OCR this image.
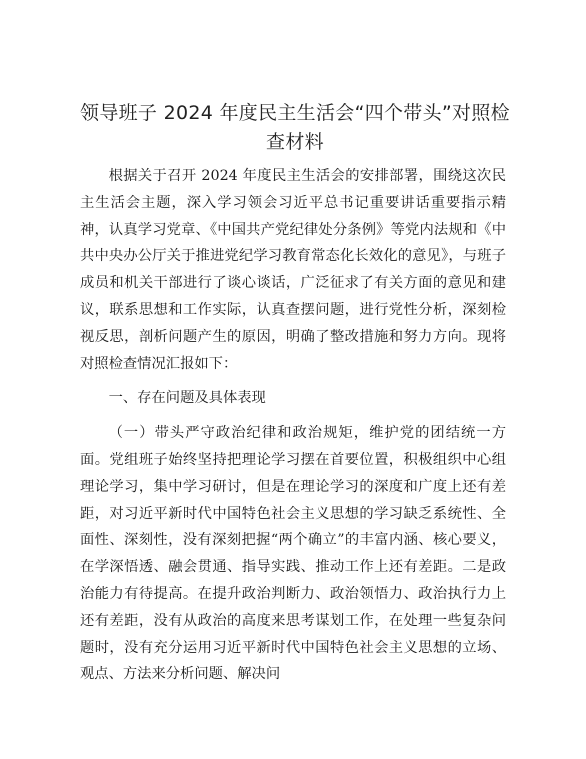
领导班子 2024 年度民主生活会“四个带头”对照检查材料

根据关于召开 2024 年度民主生活会的安排部署，围绕这次民主生活会主题，深入学习领会习近平总书记重要讲话重要指示精神，认真学习党章、《中国共产党纪律处分条例》等党内法规和《中共中央办公厅关于推进党纪学习教育常态化长效化的意见》，与班子成员和机关干部进行了谈心谈话，广泛征求了有关方面的意见和建议，联系思想和工作实际，认真查摆问题，进行党性分析，深刻检视反思，剖析问题产生的原因，明确了整改措施和努力方向。现将对照检查情况汇报如下：

一、存在问题及具体表现

（一）带头严守政治纪律和政治规矩，维护党的团结统一方面。党组班子始终坚持把理论学习摆在首要位置，积极组织中心组理论学习，集中学习研讨，但是在理论学习的深度和广度上还有差距，对习近平新时代中国特色社会主义思想的学习缺乏系统性、全面性、深刻性，没有深刻把握“两个确立”的丰富内涵、核心要义，在学深悟透、融会贯通、指导实践、推动工作上还有差距。二是政治能力有待提高。在提升政治判断力、政治领悟力、政治执行力上还有差距，没有从政治的高度来思考谋划工作，在处理一些复杂问题时，没有充分运用习近平新时代中国特色社会主义思想的立场、观点、方法来分析问题、解决问
